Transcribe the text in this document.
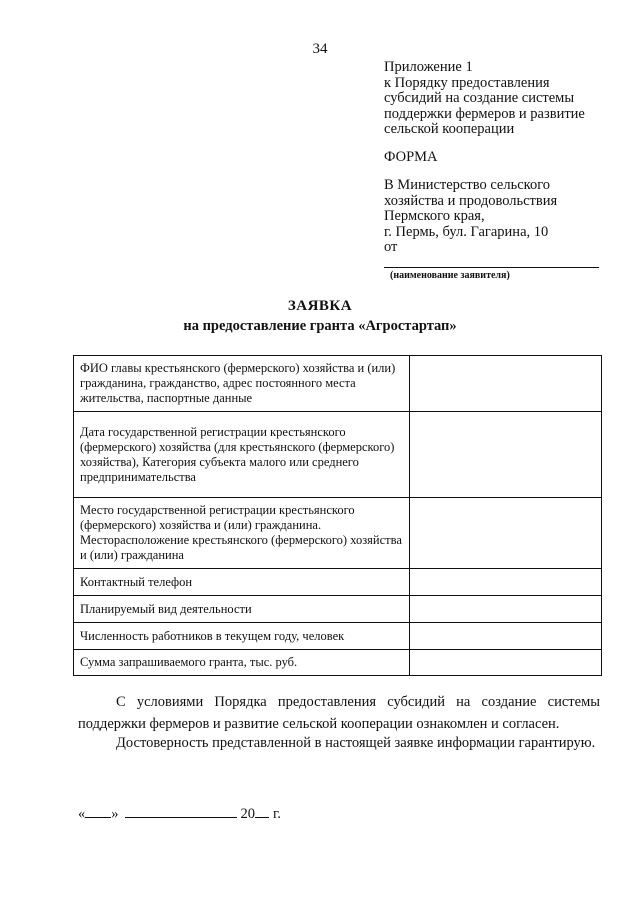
34
Приложение 1
к Порядку предоставления
субсидий на создание системы
поддержки фермеров и развитие
сельской кооперации
ФОРМА
В Министерство сельского
хозяйства и продовольствия
Пермского края,
г. Пермь, бул. Гагарина, 10
от
(наименование заявителя)
ЗАЯВКА
на предоставление гранта «Агростартап»
ФИО главы крестьянского (фермерского) хозяйства и (или) гражданина, гражданство, адрес постоянного места жительства, паспортные данные	
Дата государственной регистрации крестьянского (фермерского) хозяйства (для крестьянского (фермерского) хозяйства), Категория субъекта малого или среднего предпринимательства	
Место государственной регистрации крестьянского (фермерского) хозяйства и (или) гражданина. Месторасположение крестьянского (фермерского) хозяйства и (или) гражданина	
Контактный телефон	
Планируемый вид деятельности	
Численность работников в текущем году, человек	
Сумма запрашиваемого гранта, тыс. руб.	
С условиями Порядка предоставления субсидий на создание системы поддержки фермеров и развитие сельской кооперации ознакомлен и согласен.
Достоверность представленной в настоящей заявке информации гарантирую.
« »	20 г.
